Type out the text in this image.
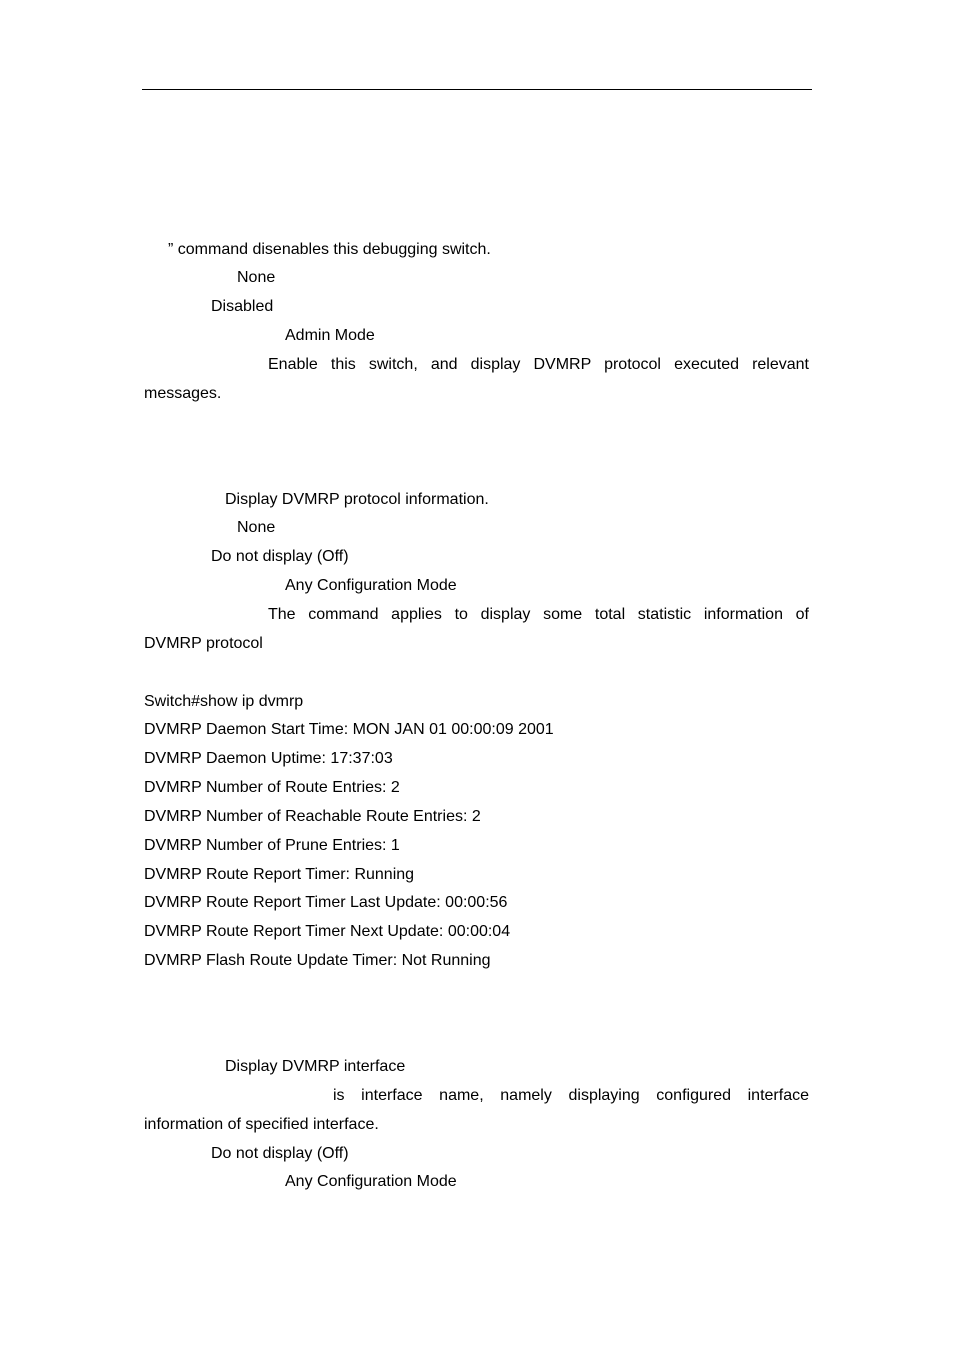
” command disenables this debugging switch.
None
Disabled
Admin Mode
Enable this switch, and display DVMRP protocol executed relevant
messages.
Display DVMRP protocol information.
None
Do not display (Off)
Any Configuration Mode
The command applies to display some total statistic information of
DVMRP protocol
Switch#show ip dvmrp
DVMRP Daemon Start Time: MON JAN 01 00:00:09 2001
DVMRP Daemon Uptime: 17:37:03
DVMRP Number of Route Entries: 2
DVMRP Number of Reachable Route Entries: 2
DVMRP Number of Prune Entries: 1
DVMRP Route Report Timer: Running
DVMRP Route Report Timer Last Update: 00:00:56
DVMRP Route Report Timer Next Update: 00:00:04
DVMRP Flash Route Update Timer: Not Running
Display DVMRP interface
is interface name, namely displaying configured interface
information of specified interface.
Do not display (Off)
Any Configuration Mode
